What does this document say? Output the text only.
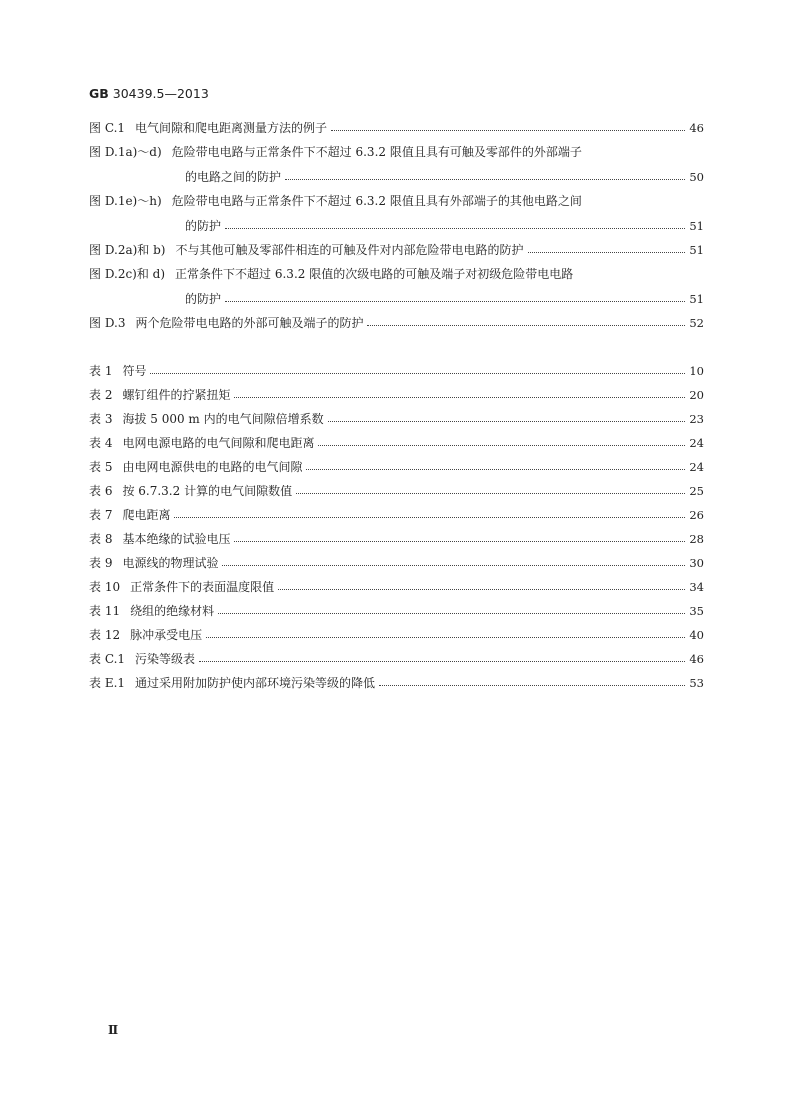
GB 30439.5—2013
图 C.1 电气间隙和爬电距离测量方法的例子	46
图 D.1a)～d) 危险带电电路与正常条件下不超过 6.3.2 限值且具有可触及零部件的外部端子
的电路之间的防护	50
图 D.1e)～h) 危险带电电路与正常条件下不超过 6.3.2 限值且具有外部端子的其他电路之间
的防护	51
图 D.2a)和 b) 不与其他可触及零部件相连的可触及件对内部危险带电电路的防护	51
图 D.2c)和 d) 正常条件下不超过 6.3.2 限值的次级电路的可触及端子对初级危险带电电路
的防护	51
图 D.3 两个危险带电电路的外部可触及端子的防护	52
表 1 符号	10
表 2 螺钉组件的拧紧扭矩	20
表 3 海拔 5 000 m 内的电气间隙倍增系数	23
表 4 电网电源电路的电气间隙和爬电距离	24
表 5 由电网电源供电的电路的电气间隙	24
表 6 按 6.7.3.2 计算的电气间隙数值	25
表 7 爬电距离	26
表 8 基本绝缘的试验电压	28
表 9 电源线的物理试验	30
表 10 正常条件下的表面温度限值	34
表 11 绕组的绝缘材料	35
表 12 脉冲承受电压	40
表 C.1 污染等级表	46
表 E.1 通过采用附加防护使内部环境污染等级的降低	53
Ⅱ
